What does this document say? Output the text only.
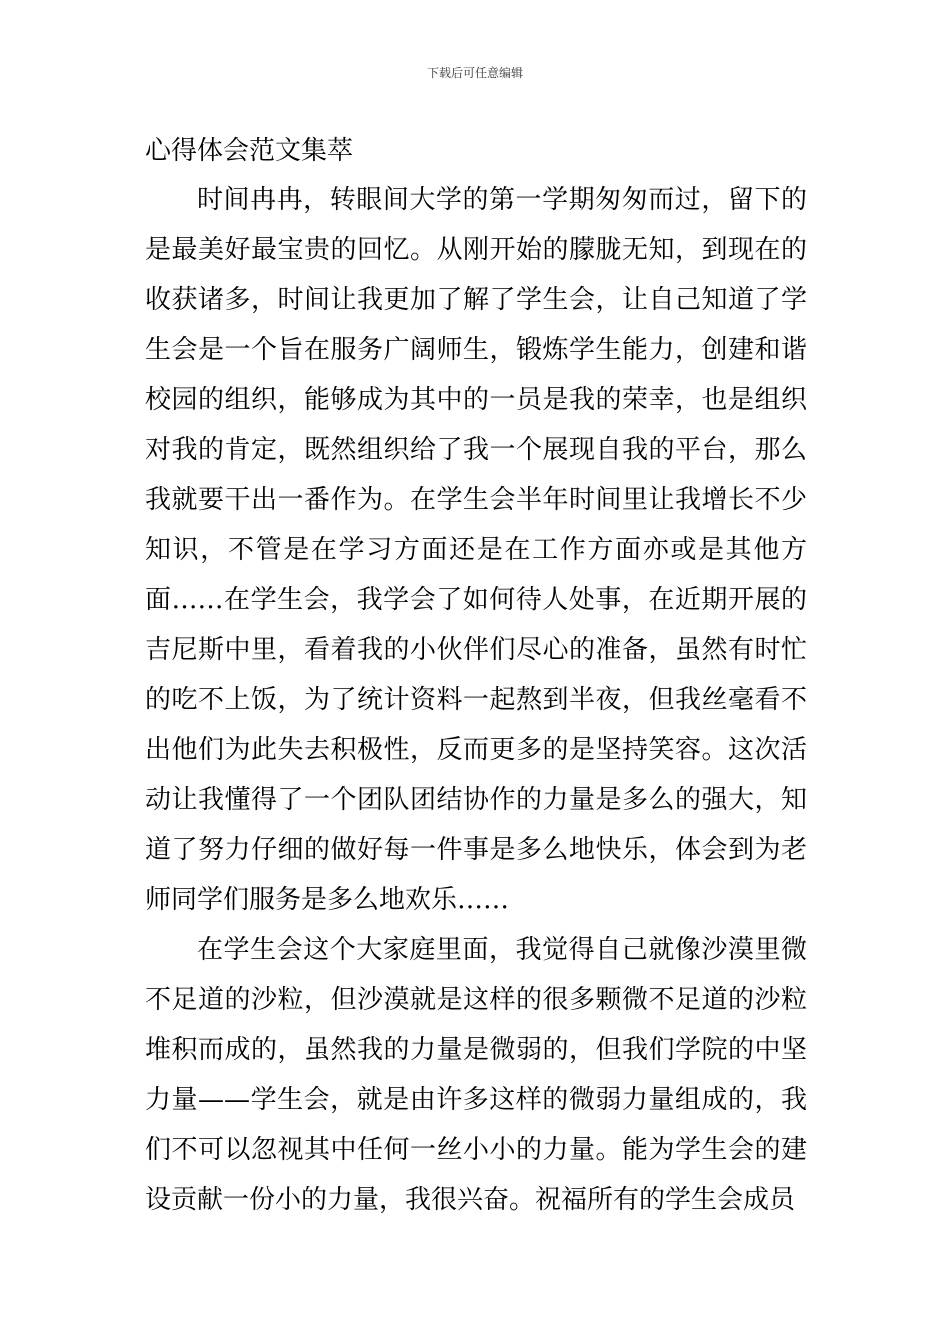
下载后可任意编辑
心得体会范文集萃

时间冉冉，转眼间大学的第一学期匆匆而过，留下的是最美好最宝贵的回忆。从刚开始的朦胧无知，到现在的收获诸多，时间让我更加了解了学生会，让自己知道了学生会是一个旨在服务广阔师生，锻炼学生能力，创建和谐校园的组织，能够成为其中的一员是我的荣幸，也是组织对我的肯定，既然组织给了我一个展现自我的平台，那么我就要干出一番作为。在学生会半年时间里让我增长不少知识，不管是在学习方面还是在工作方面亦或是其他方面……在学生会，我学会了如何待人处事，在近期开展的吉尼斯中里，看着我的小伙伴们尽心的准备，虽然有时忙的吃不上饭，为了统计资料一起熬到半夜，但我丝毫看不出他们为此失去积极性，反而更多的是坚持笑容。这次活动让我懂得了一个团队团结协作的力量是多么的强大，知道了努力仔细的做好每一件事是多么地快乐，体会到为老师同学们服务是多么地欢乐……

在学生会这个大家庭里面，我觉得自己就像沙漠里微不足道的沙粒，但沙漠就是这样的很多颗微不足道的沙粒堆积而成的，虽然我的力量是微弱的，但我们学院的中坚力量——学生会，就是由许多这样的微弱力量组成的，我们不可以忽视其中任何一丝小小的力量。能为学生会的建设贡献一份小的力量，我很兴奋。祝福所有的学生会成员
